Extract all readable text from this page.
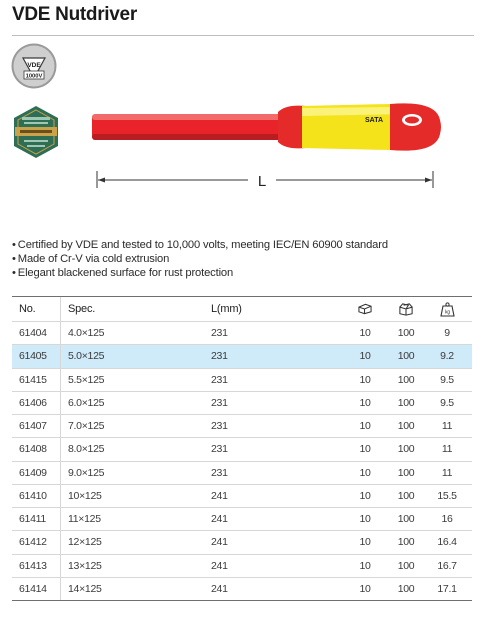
VDE Nutdriver
VDE
1000V
SATA
L
• Certified by VDE and tested to 10,000 volts, meeting IEC/EN 60900 standard
• Made of Cr-V via cold extrusion
• Elegant blackened surface for rust protection
No.	Spec.	L(mm)	kg
61404 4.0×125	231	10	100	9
61405 5.0×125	231	10	100	9.2
61415 5.5×125	231	10	100	9.5
61406 6.0×125	231	10	100	9.5
61407 7.0×125	231	10	100	11
61408 8.0×125	231	10	100	11
61409 9.0×125	231	10	100	11
61410 10×125	241	10	100 15.5
61411 11×125	241	10	100	16
61412 12×125	241	10	100 16.4
61413 13×125	241	10	100 16.7
61414 14×125	241	10	100 17.1
